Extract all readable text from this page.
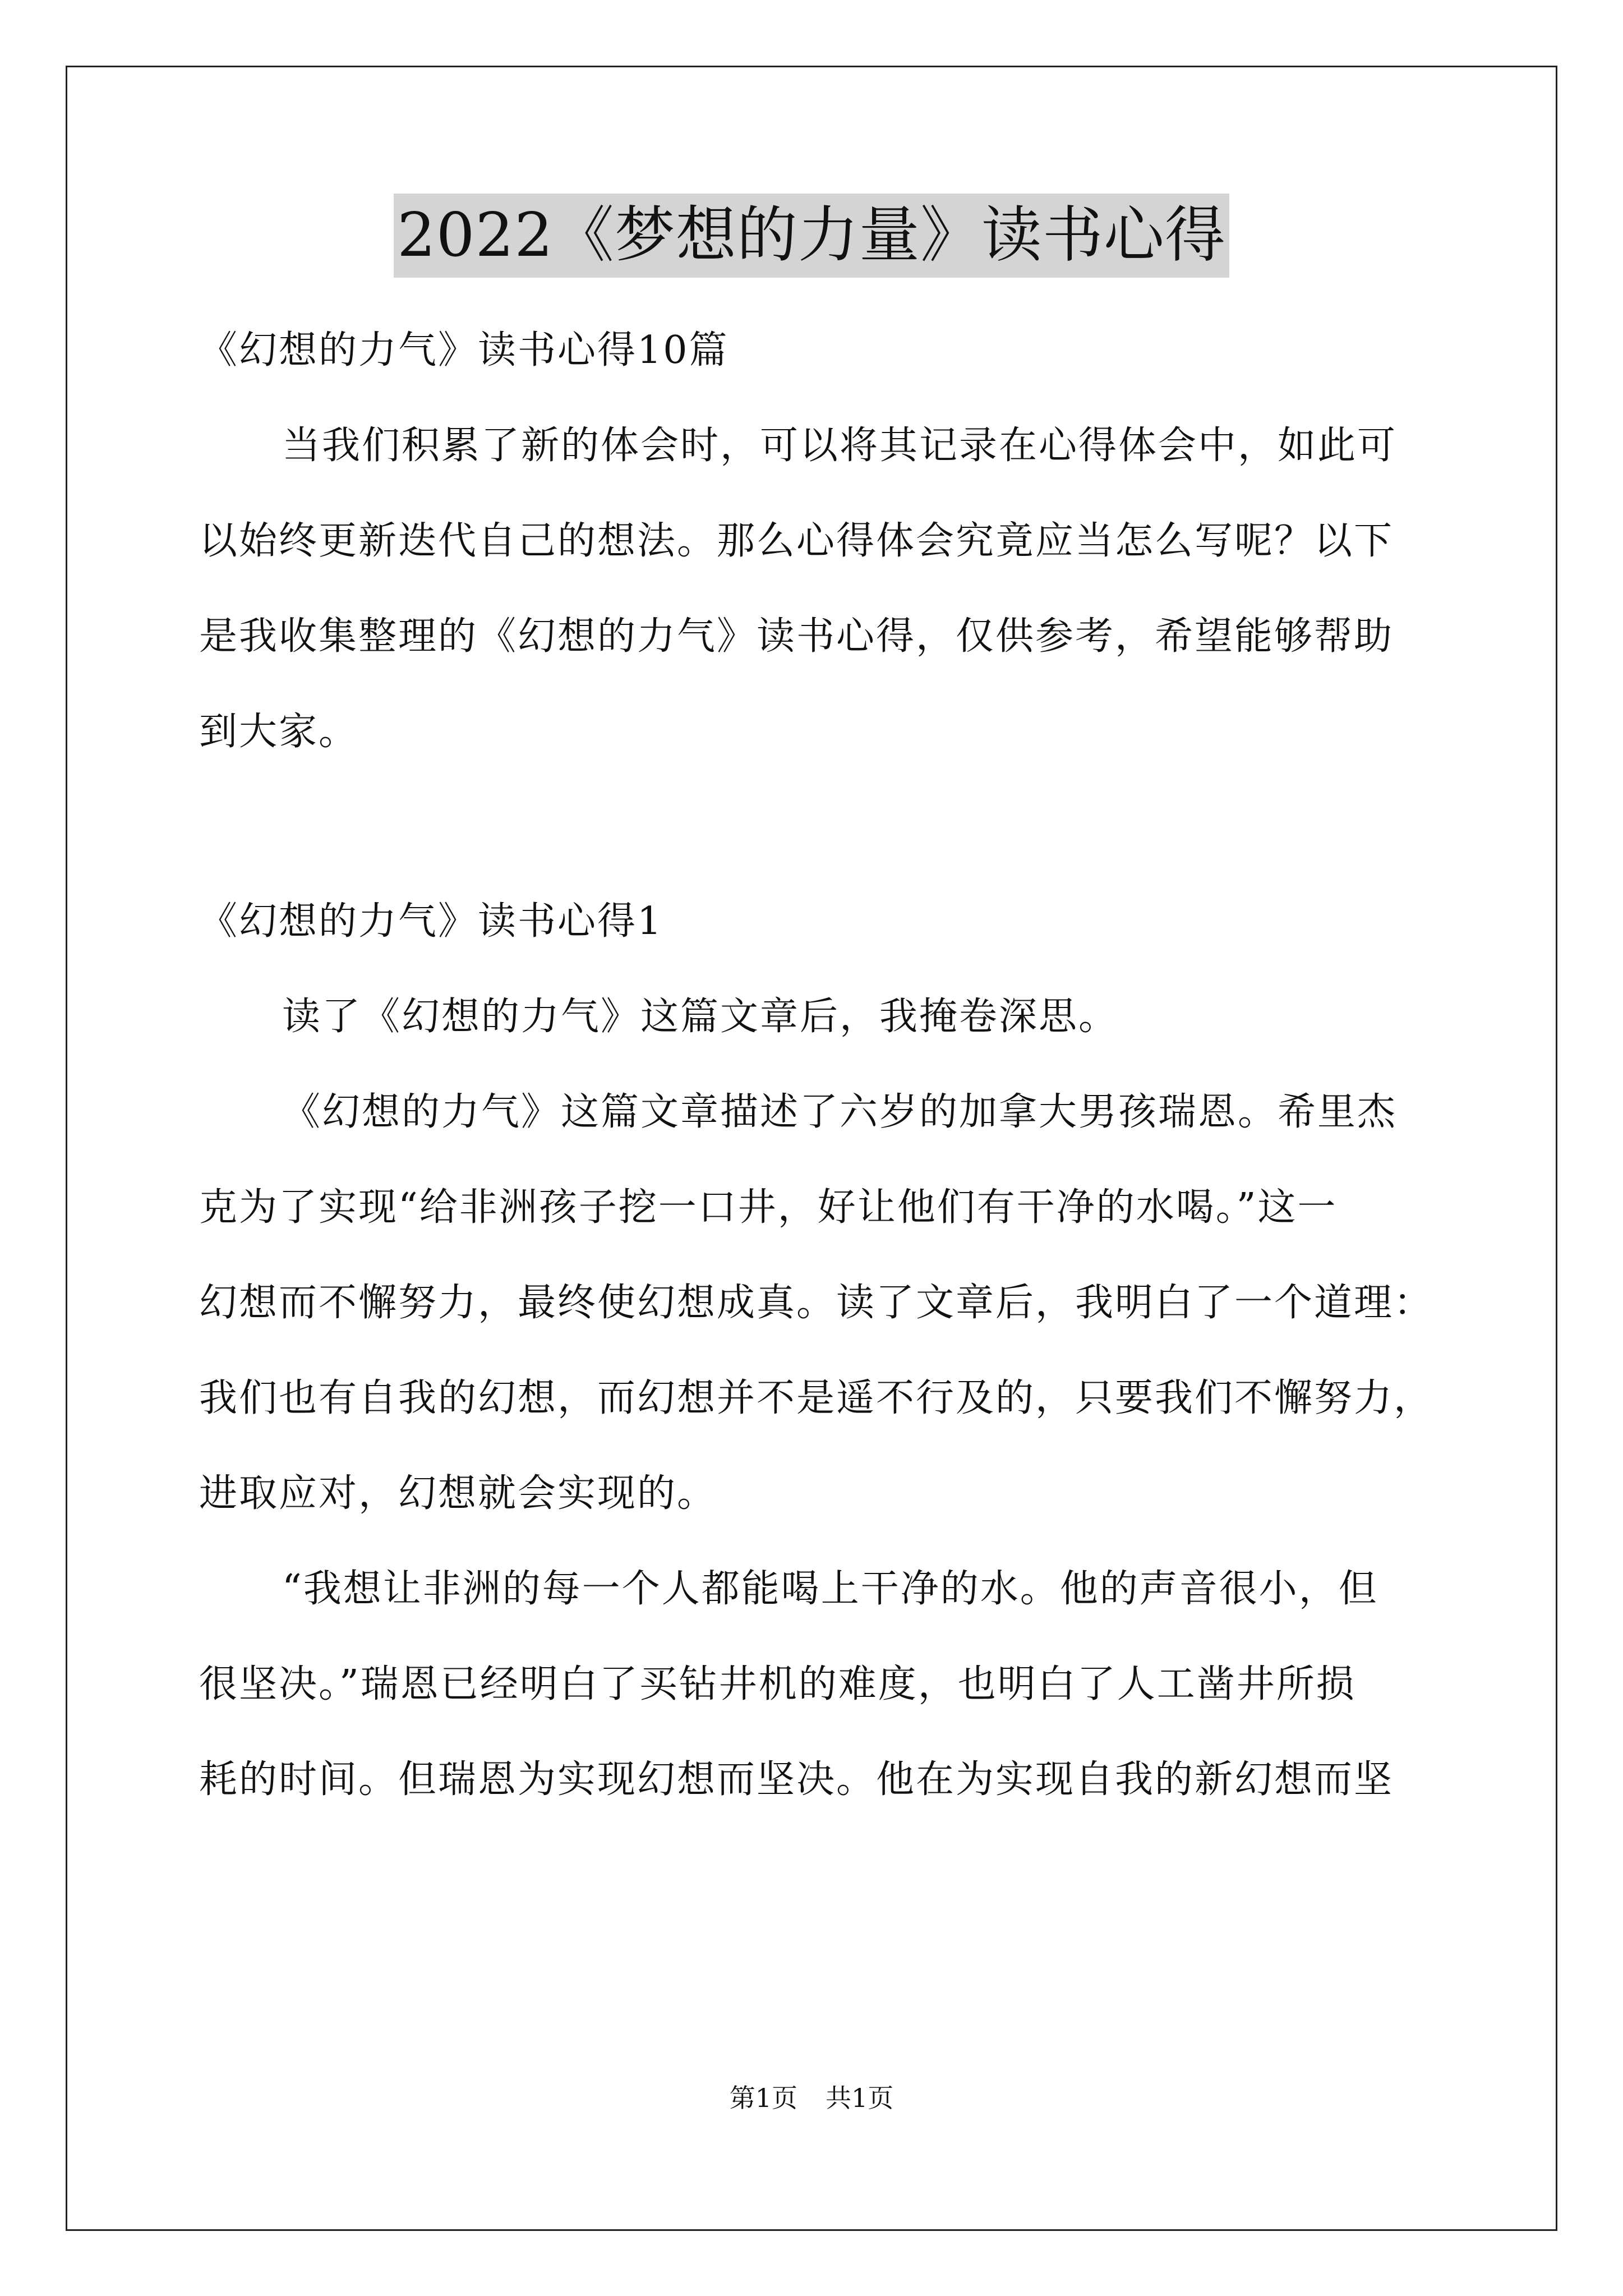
2022《梦想的力量》读书心得
《幻想的力气》读书心得10篇
当我们积累了新的体会时，可以将其记录在心得体会中，如此可
以始终更新迭代自己的想法。那么心得体会究竟应当怎么写呢？以下
是我收集整理的《幻想的力气》读书心得，仅供参考，希望能够帮助
到大家。
《幻想的力气》读书心得1
读了《幻想的力气》这篇文章后，我掩卷深思。
《幻想的力气》这篇文章描述了六岁的加拿大男孩瑞恩。希里杰
克为了实现“给非洲孩子挖一口井，好让他们有干净的水喝。”这一
幻想而不懈努力，最终使幻想成真。读了文章后，我明白了一个道理：
我们也有自我的幻想，而幻想并不是遥不行及的，只要我们不懈努力，
进取应对，幻想就会实现的。
“我想让非洲的每一个人都能喝上干净的水。他的声音很小，但
很坚决。”瑞恩已经明白了买钻井机的难度，也明白了人工凿井所损
耗的时间。但瑞恩为实现幻想而坚决。他在为实现自我的新幻想而坚
第1页 共1页
